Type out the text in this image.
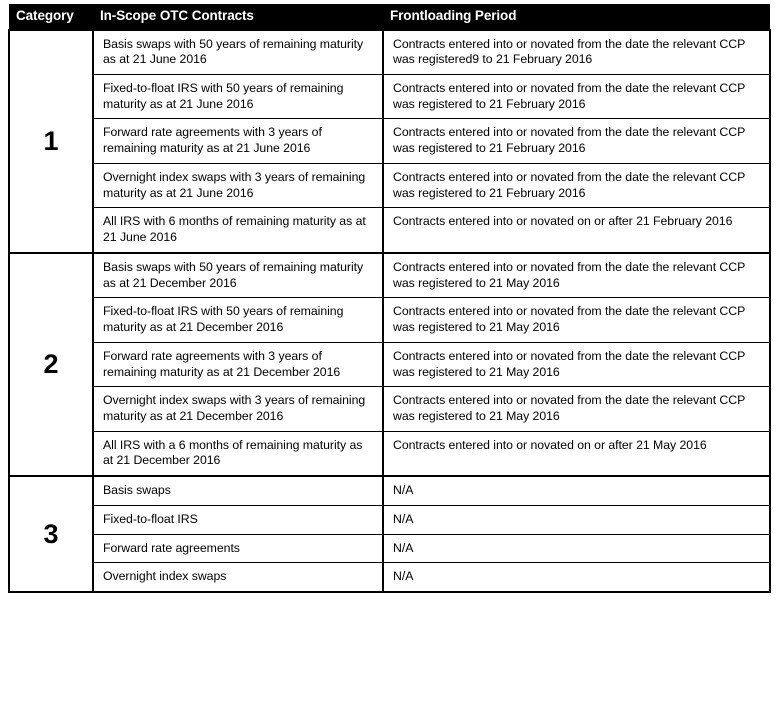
Category	In-Scope OTC Contracts	Frontloading Period
1	Basis swaps with 50 years of remaining maturity as at 21 June 2016	Contracts entered into or novated from the date the relevant CCP was registered9 to 21 February 2016
	Fixed-to-float IRS with 50 years of remaining maturity as at 21 June 2016	Contracts entered into or novated from the date the relevant CCP was registered to 21 February 2016
	Forward rate agreements with 3 years of remaining maturity as at 21 June 2016	Contracts entered into or novated from the date the relevant CCP was registered to 21 February 2016
	Overnight index swaps with 3 years of remaining maturity as at 21 June 2016	Contracts entered into or novated from the date the relevant CCP was registered to 21 February 2016
	All IRS with 6 months of remaining maturity as at 21 June 2016	Contracts entered into or novated on or after 21 February 2016
2	Basis swaps with 50 years of remaining maturity as at 21 December 2016	Contracts entered into or novated from the date the relevant CCP was registered to 21 May 2016
	Fixed-to-float IRS with 50 years of remaining maturity as at 21 December 2016	Contracts entered into or novated from the date the relevant CCP was registered to 21 May 2016
	Forward rate agreements with 3 years of remaining maturity as at 21 December 2016	Contracts entered into or novated from the date the relevant CCP was registered to 21 May 2016
	Overnight index swaps with 3 years of remaining maturity as at 21 December 2016	Contracts entered into or novated from the date the relevant CCP was registered to 21 May 2016
	All IRS with a 6 months of remaining maturity as at 21 December 2016	Contracts entered into or novated on or after 21 May 2016
3	Basis swaps	N/A
	Fixed-to-float IRS	N/A
	Forward rate agreements	N/A
	Overnight index swaps	N/A
